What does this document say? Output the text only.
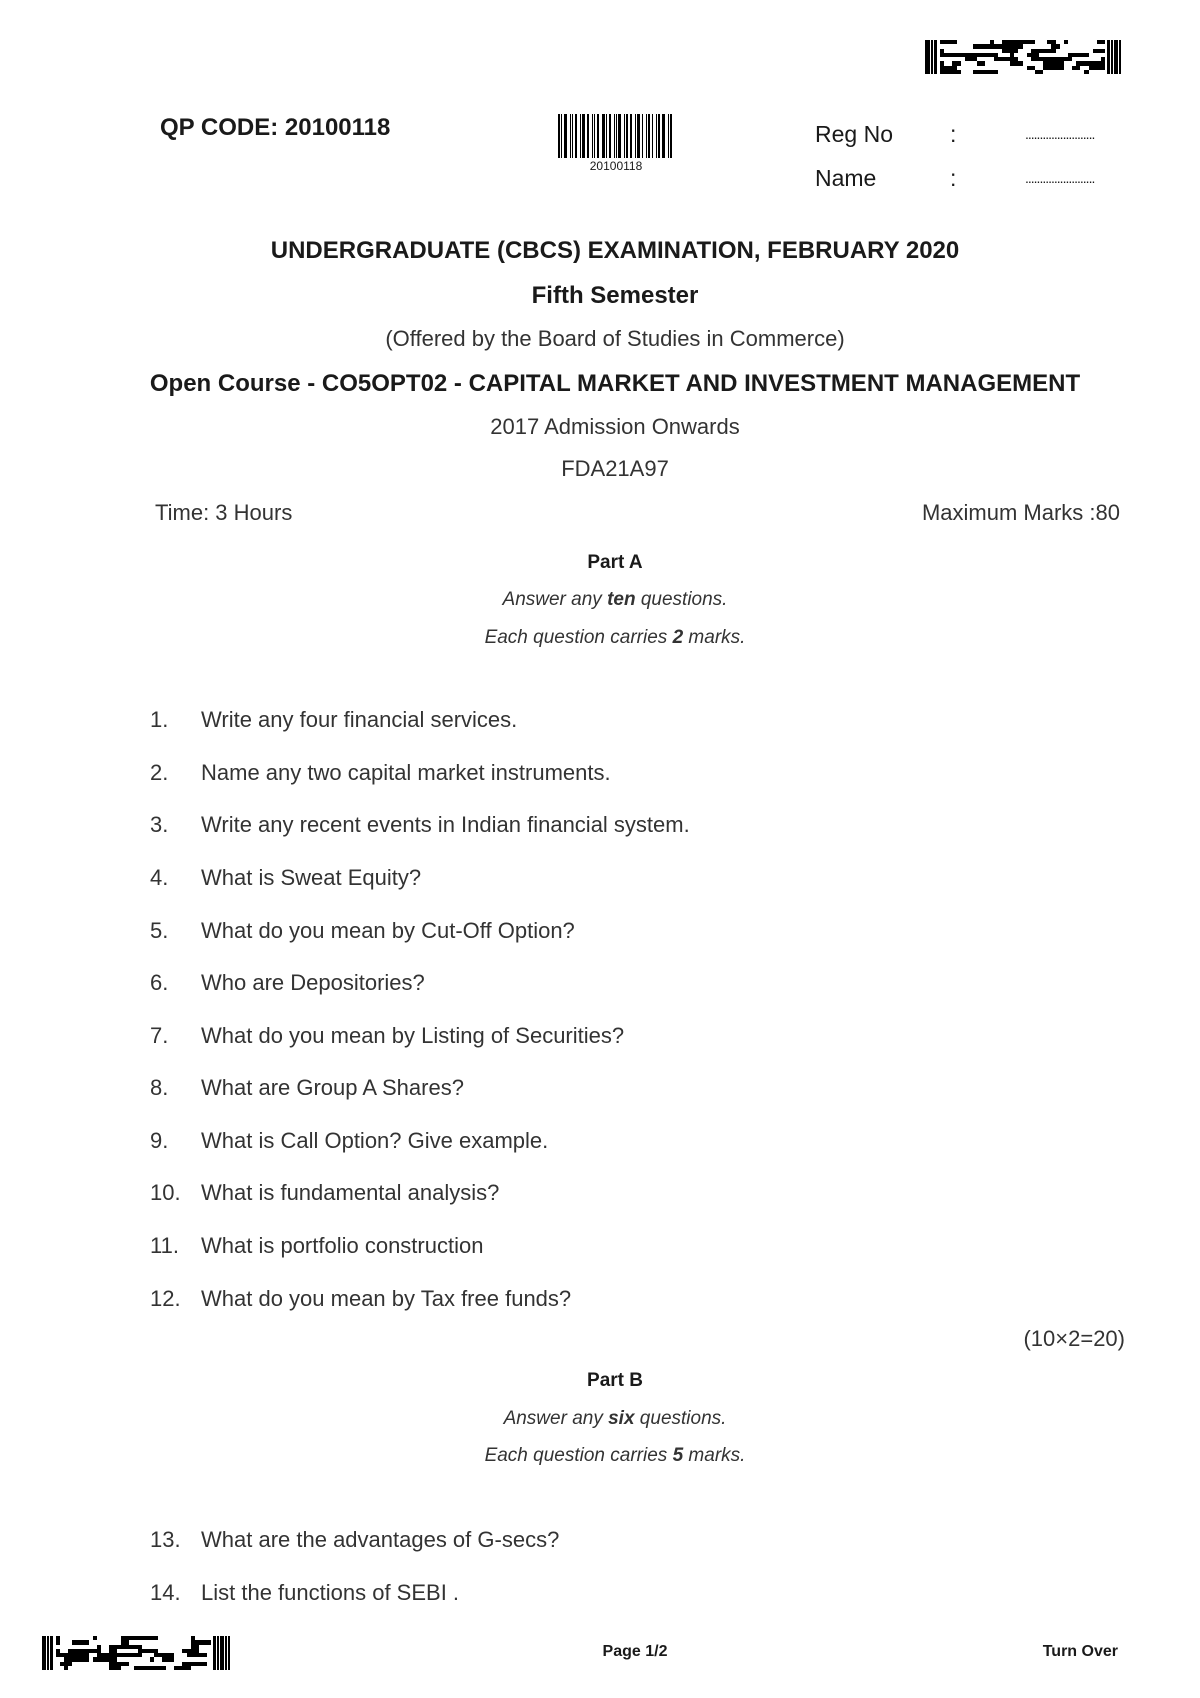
QP CODE: 20100118
20100118
Reg No	:	........................
Name	:	........................
UNDERGRADUATE (CBCS) EXAMINATION, FEBRUARY 2020
Fifth Semester
(Offered by the Board of Studies in Commerce)
Open Course - CO5OPT02 - CAPITAL MARKET AND INVESTMENT MANAGEMENT
2017 Admission Onwards
FDA21A97
Time: 3 Hours	Maximum Marks :80
Part A
Answer any ten questions.
Each question carries 2 marks.
1.	Write any four financial services.
2.	Name any two capital market instruments.
3.	Write any recent events in Indian financial system.
4.	What is Sweat Equity?
5.	What do you mean by Cut-Off Option?
6.	Who are Depositories?
7.	What do you mean by Listing of Securities?
8.	What are Group A Shares?
9.	What is Call Option? Give example.
10. What is fundamental analysis?
11.	What is portfolio construction
12. What do you mean by Tax free funds?
(10×2=20)
Part B
Answer any six questions.
Each question carries 5 marks.
13. What are the advantages of G-secs?
14. List the functions of SEBI .
Page 1/2	Turn Over
